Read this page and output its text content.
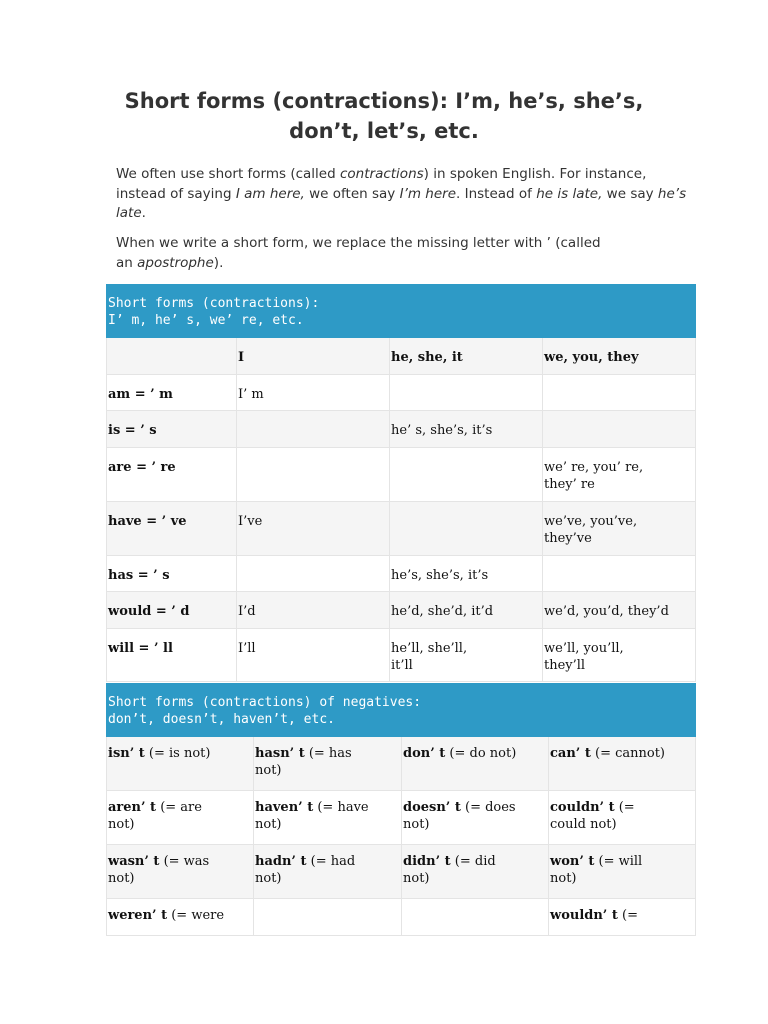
Short forms (contractions): I’m, he’s, she’s,
don’t, let’s, etc.

We often use short forms (called contractions) in spoken English. For instance,
instead of saying I am here, we often say I’m here. Instead of he is late, we say he’s
late.

When we write a short form, we replace the missing letter with ’ (called
an apostrophe).

Short forms (contractions):
I’ m, he’ s, we’ re, etc.			

	I	he, she, it	we, you, they
am = ’ m	I’ m		
is = ’ s		he’ s, she’s, it’s	
are = ’ re			we’ re, you’ re,
they’ re

have = ’ ve	I’ve		we’ve, you’ve,
they’ve

has = ’ s		he’s, she’s, it’s	
would = ’ d	I’d	he’d, she’d, it’d	we’d, you’d, they’d
will = ’ ll	I’ll	he’ll, she’ll,
it’ll	we’ll, you’ll,
they’ll
Short forms (contractions) of negatives:
don’t, doesn’t, haven’t, etc.			

isn’ t (= is not)	hasn’ t (= has
not)	don’ t (= do not)	can’ t (= cannot)

aren’ t (= are
not)	haven’ t (= have
not)	doesn’ t (= does
not)	couldn’ t (=
could not)

wasn’ t (= was
not)	hadn’ t (= had
not)	didn’ t (= did
not)	won’ t (= will
not)

weren’ t (= were			wouldn’ t (=
